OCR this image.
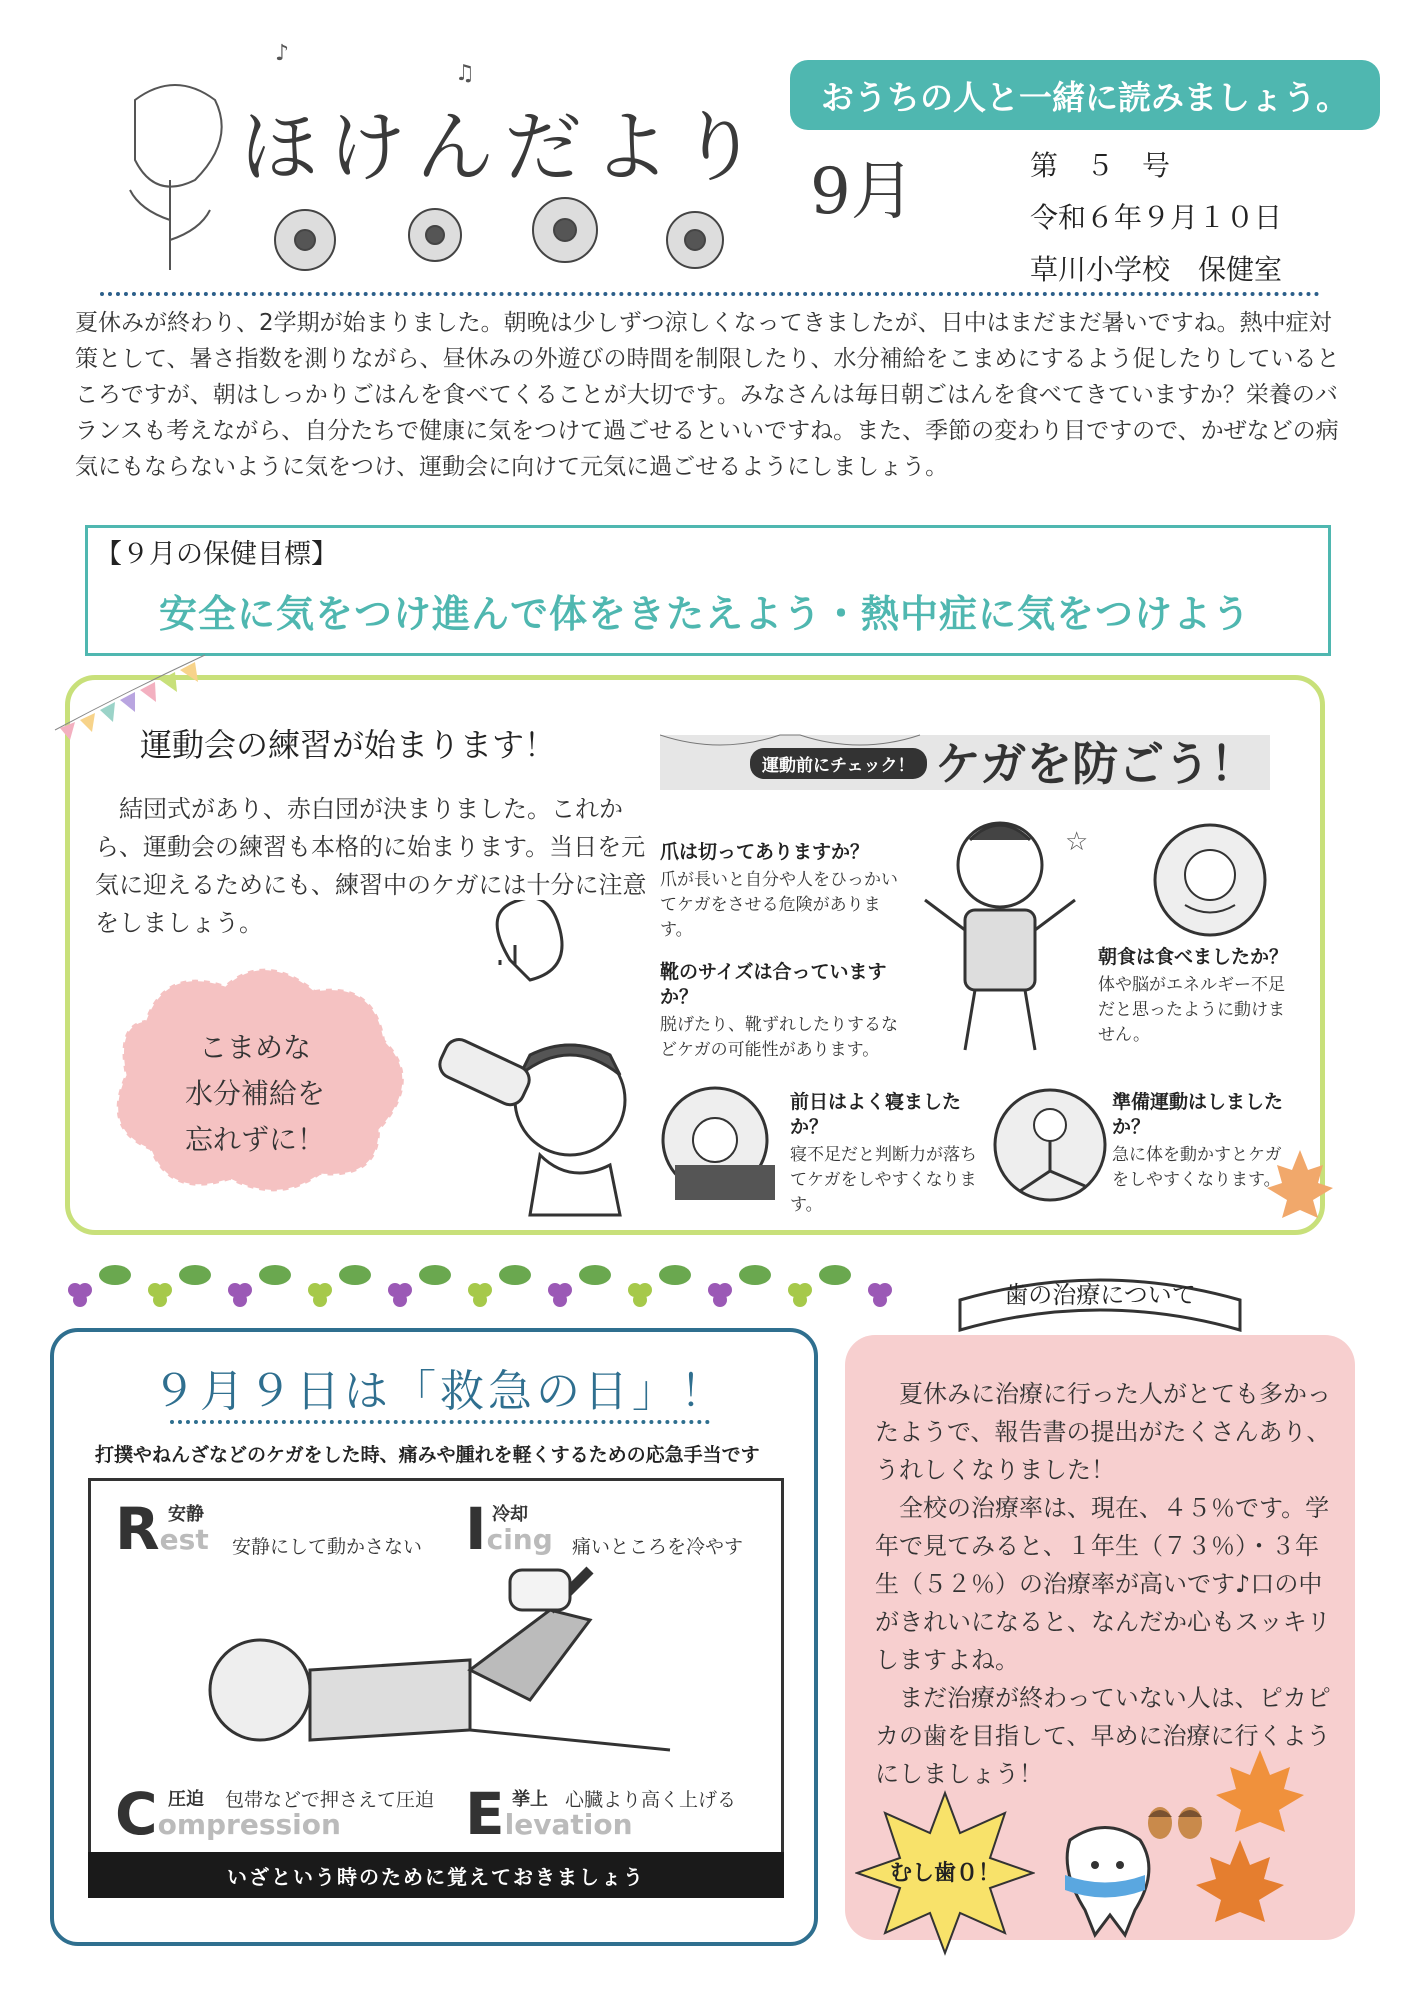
♪
♫
ほけんだより 9月
おうちの人と一緒に読みましょう。
第　５　号
令和６年９月１０日
草川小学校　保健室
夏休みが終わり、2学期が始まりました。朝晩は少しずつ涼しくなってきましたが、日中はまだまだ暑いですね。熱中症対策として、暑さ指数を測りながら、昼休みの外遊びの時間を制限したり、水分補給をこまめにするよう促したりしているところですが、朝はしっかりごはんを食べてくることが大切です。みなさんは毎日朝ごはんを食べてきていますか？栄養のバランスも考えながら、自分たちで健康に気をつけて過ごせるといいですね。また、季節の変わり目ですので、かぜなどの病気にもならないように気をつけ、運動会に向けて元気に過ごせるようにしましょう。
【９月の保健目標】
安全に気をつけ進んで体をきたえよう・熱中症に気をつけよう
運動会の練習が始まります！
　結団式があり、赤白団が決まりました。これから、運動会の練習も本格的に始まります。当日を元気に迎えるためにも、練習中のケガには十分に注意をしましょう。
こまめな
水分補給を
忘れずに！
運動前にチェック！ ケガを防ごう！
爪は切ってありますか？
爪が長いと自分や人をひっかいてケガをさせる危険があります。
靴のサイズは合っていますか？
脱げたり、靴ずれしたりするなどケガの可能性があります。
朝食は食べましたか？
体や脳がエネルギー不足だと思ったように動けません。
前日はよく寝ましたか？
寝不足だと判断力が落ちてケガをしやすくなります。
準備運動はしましたか？
急に体を動かすとケガをしやすくなります。
☆
９月９日は「救急の日」！
打撲やねんざなどのケガをした時、痛みや腫れを軽くするための応急手当です
Rest
安静
安静にして動かさない Icing
冷却
痛いところを冷やす
Compression
圧迫 包帯などで押さえて圧迫 Elevation
挙上 心臓より高く上げる
いざという時のために覚えておきましょう
歯の治療について
　夏休みに治療に行った人がとても多かったようで、報告書の提出がたくさんあり、うれしくなりました！
　全校の治療率は、現在、４５％です。学年で見てみると、１年生（７３％）・３年生（５２％）の治療率が高いです♪口の中がきれいになると、なんだか心もスッキリしますよね。
　まだ治療が終わっていない人は、ピカピカの歯を目指して、早めに治療に行くようにしましょう！
むし歯０！
